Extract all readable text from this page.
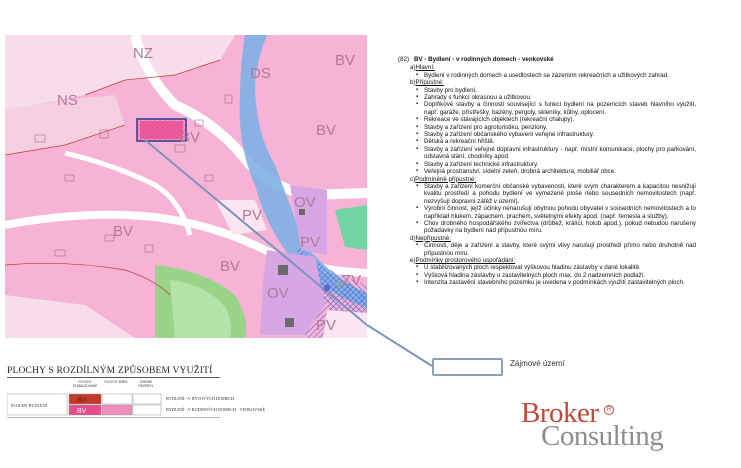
NZ	BV
NS
DS
BV	BV
BV
PV
OV
BV
PV
OV
PV
ZV
(82) BV - Bydlení - v rodinných domech - venkovské
a)Hlavní:
▪ Bydlení v rodinných domech a usedlostech se zázemím rekreačních a užitkových zahrad.
b)Přípustné:
▪ Stavby pro bydlení.
▪ Zahrady s funkcí okrasnou a užitkovou.
▪ Doplňkové stavby a činnosti související s funkcí bydlení na pozemcích staveb hlavního využití, např. garáže, přístřešky, bazény, pergoly, skleníky, kůlny, oplocení.
▪ Rekreace ve stávajících objektech (rekreační chalupy).
▪ Stavby a zařízení pro agroturistiku, penziony.
▪ Stavby a zařízení občanského vybavení veřejné infrastruktury.
▪ Dětská a rekreační hřiště.
▪ Stavby a zařízení veřejné dopravní infrastruktury - např. místní komunikace, plochy pro parkování, odstavná stání, chodníky apod.
▪ Stavby a zařízení technické infrastruktury.
▪ Veřejná prostranství, sídelní zeleň, drobná architektura, mobiliář obce.
c)Podmíněně přípustné:
▪ Stavby a zařízení komerční občanské vybavenosti, které svým charakterem a kapacitou nesnižují kvalitu prostředí a pohodu bydlení ve vymezené ploše nebo sousedních nemovitostech (např. nezvyšují dopravní zátěž v území).
▪ Výrobní činnost, jejíž účinky nenarušují obytnou pohodu obyvatel v sousedních nemovitostech a to například hlukem, zápachem, prachem, světelnými efekty apod. (např. řemesla a služby).
▪ Chov drobného hospodářského zvířectva (drůbež, králíci, holub apod.), pokud nebudou narušeny požadavky na bydlení nad přípustnou míru.
d)Nepřípustné:
▪ Činnosti, děje a zařízení a stavby, které svými vlivy narušují prostředí přímo nebo druhotně nad přípustnou míru.
e)Podmínky prostorového uspořádání:
▪ U stabilizovaných ploch respektovat výškovou hladinu zástavby v dané lokalitě.
▪ Výšková hladina zástavby u zastavitelných ploch max. do 2 nadzemních podlaží.
▪ Intenzita zastavění stavebního pozemku je uvedena v podmínkách využití zastavitelných ploch.
Zájmové území
PLOCHY S ROZDÍLNÝM ZPŮSOBEM VYUŽITÍ
BH
BV
PLOCHY BYDLENÍ
PLOCHY STABILIZOVANÉ
PLOCHY ZMĚN	ÚZEMNÍ REZERVY
BYDLENÍ - V BYTOVÝCH DOMECH
BYDLENÍ - V RODINNÝCH DOMECH - VENKOVSKÉ	Broker	R
Consulting
